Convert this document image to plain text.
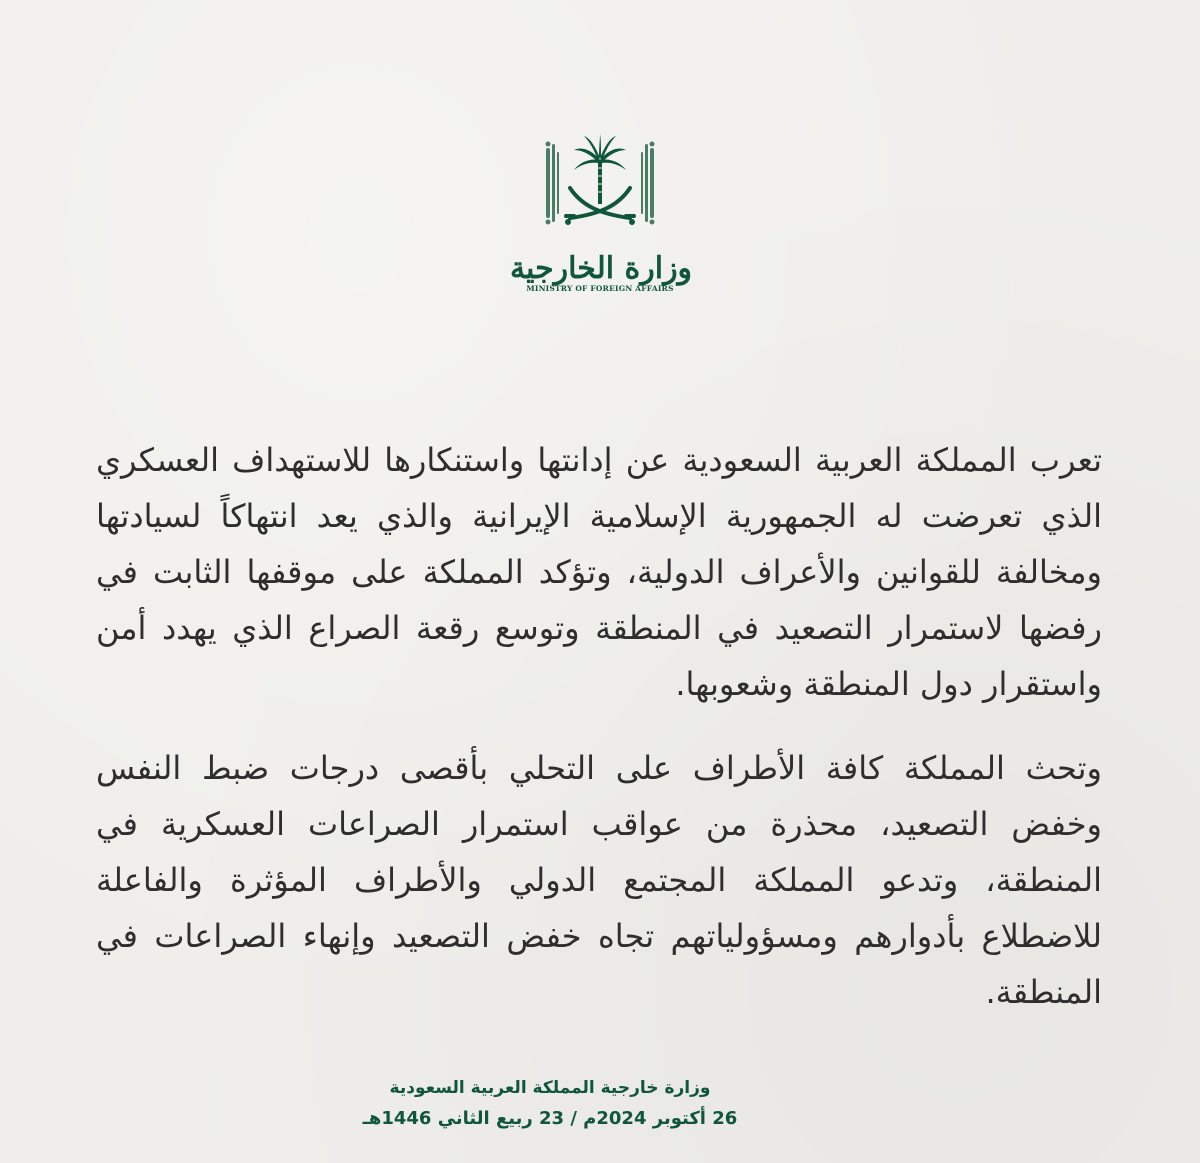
وزارة الخارجية
MINISTRY OF FOREIGN AFFAIRS

تعرب المملكة العربية السعودية عن إدانتها واستنكارها للاستهداف العسكري الذي تعرضت له الجمهورية الإسلامية الإيرانية والذي يعد انتهاكاً لسيادتها ومخالفة للقوانين والأعراف الدولية، وتؤكد المملكة على موقفها الثابت في رفضها لاستمرار التصعيد في المنطقة وتوسع رقعة الصراع الذي يهدد أمن واستقرار دول المنطقة وشعوبها.

وتحث المملكة كافة الأطراف على التحلي بأقصى درجات ضبط النفس وخفض التصعيد، محذرة من عواقب استمرار الصراعات العسكرية في المنطقة، وتدعو المملكة المجتمع الدولي والأطراف المؤثرة والفاعلة للاضطلاع بأدوارهم ومسؤولياتهم تجاه خفض التصعيد وإنهاء الصراعات في المنطقة.

وزارة خارجية المملكة العربية السعودية
26 أكتوبر 2024م / 23 ربيع الثاني 1446هـ
